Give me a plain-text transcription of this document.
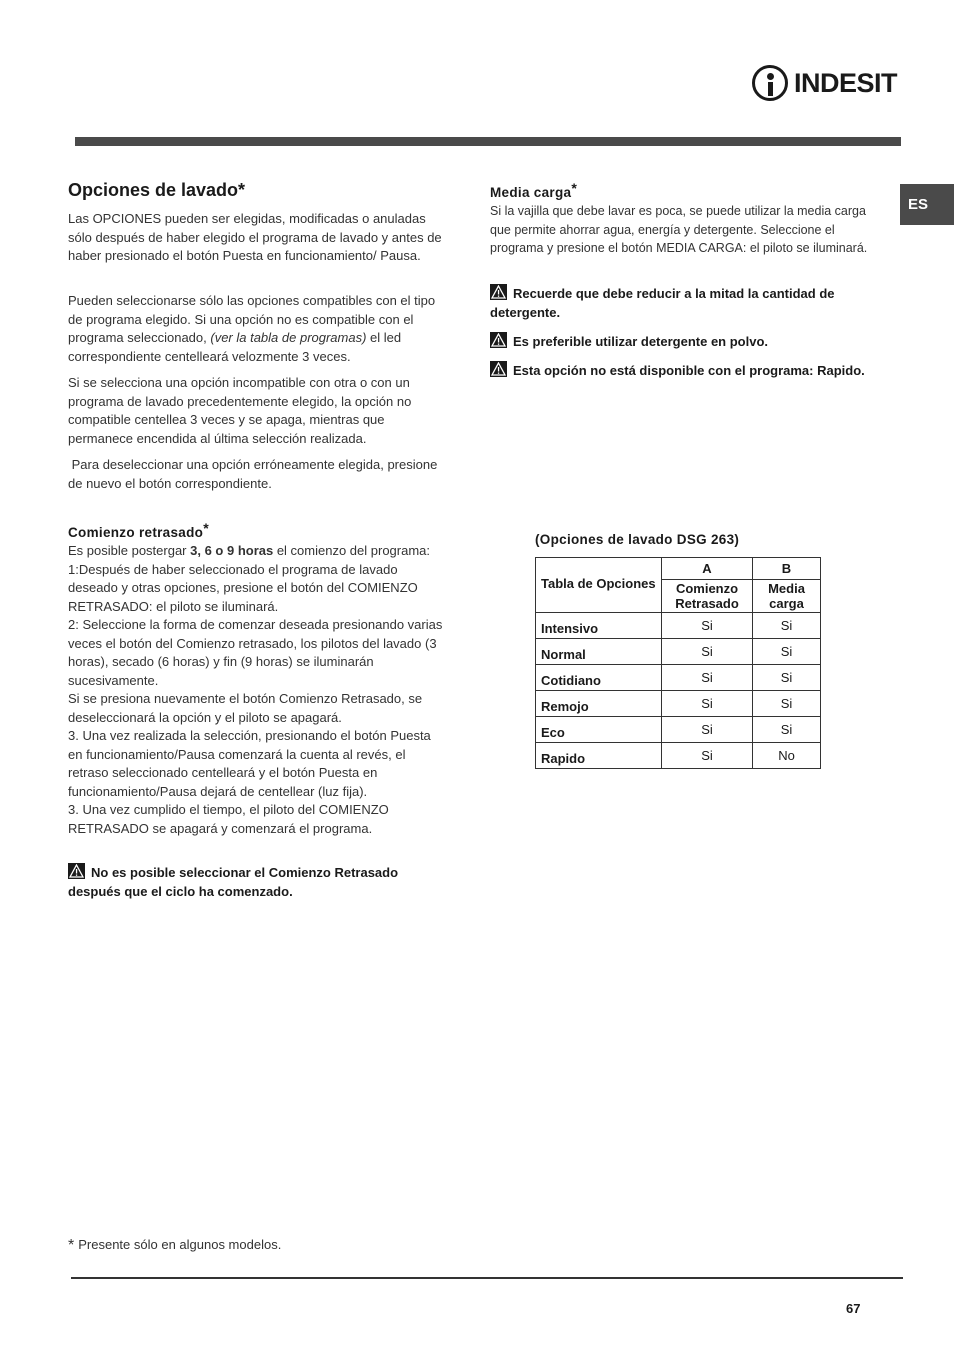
INDESIT
ES
Opciones de lavado*
Las OPCIONES pueden ser elegidas, modificadas o anuladas sólo después de haber elegido el programa de lavado y antes de haber presionado el botón Puesta en funcionamiento/ Pausa.
Pueden seleccionarse sólo las opciones compatibles con el tipo de programa elegido. Si una opción no es compatible con el programa seleccionado, (ver la tabla de programas) el led correspondiente centelleará velozmente 3 veces.
Si se selecciona una opción incompatible con otra o con un programa de lavado precedentemente elegido, la opción no compatible centellea 3 veces y se apaga, mientras que permanece encendida al última selección realizada.
Para deseleccionar una opción erróneamente elegida, presione de nuevo el botón correspondiente.
Comienzo retrasado*
Es posible postergar 3, 6 o 9 horas el comienzo del programa:
1:Después de haber seleccionado el programa de lavado deseado y otras opciones, presione el botón del COMIENZO RETRASADO: el piloto se iluminará.
2: Seleccione la forma de comenzar deseada presionando varias veces el botón del Comienzo retrasado, los pilotos del lavado (3 horas), secado (6 horas) y fin (9 horas) se iluminarán sucesivamente.
Si se presiona nuevamente el botón Comienzo Retrasado, se deseleccionará la opción y el piloto se apagará.
3. Una vez realizada la selección, presionando el botón Puesta en funcionamiento/Pausa comenzará la cuenta al revés, el retraso seleccionado centelleará y el botón Puesta en funcionamiento/Pausa dejará de centellear (luz fija).
3. Una vez cumplido el tiempo, el piloto del COMIENZO RETRASADO se apagará y comenzará el programa.
No es posible seleccionar el Comienzo Retrasado después que el ciclo ha comenzado.
Media carga*
Si la vajilla que debe lavar es poca, se puede utilizar la media carga que permite ahorrar agua, energía y detergente. Seleccione el programa y presione el botón MEDIA CARGA: el piloto se iluminará.
Recuerde que debe reducir a la mitad la cantidad de detergente.
Es preferible utilizar detergente en polvo.
Esta opción no está disponible con el programa: Rapido.
(Opciones de lavado DSG 263)
Tabla de Opciones	A	B
	Comienzo Retrasado	Media carga
Intensivo	Si	Si
Normal	Si	Si
Cotidiano	Si	Si
Remojo	Si	Si
Eco	Si	Si
Rapido	Si	No
* Presente sólo en algunos modelos.
67
